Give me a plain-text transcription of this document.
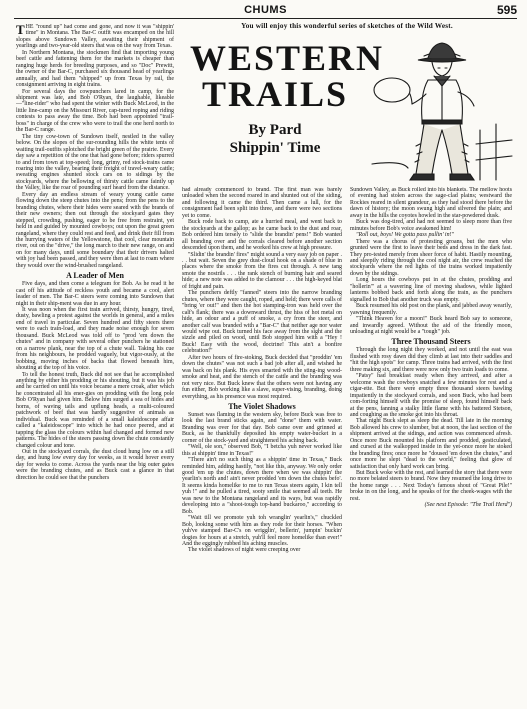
CHUMS	595

THE "round up" had come and gone, and now it was "shippin' time" in Montana. The Bar-C outfit was encamped on the hill slopes above Sundown Valley, awaiting their shipment of yearlings and two-year-old steers that was on the way from Texas.

In Northern Montana, the stockmen find that importing young beef cattle and fattening them for the markets is cheaper than ranging huge herds for breeding purposes, and so "Doc" Prewitt, the owner of the Bar-C, purchased six thousand head of yearlings annually, and had them "shipped" up from Texas by rail, the consignment arriving in eight trains.

For several days the cowpunchers lared in camp, for the shipment was late, and Bob O'Ryan, the laughable, likeable—"line-rider" who had spent the winter with Buck McLeod, in the little line-camp on the Missouri River, cap-tured roping and riding contests to pass away the time. Bob had been appointed "trail-boss" in charge of the crew who were to trail the one herd north to the Bar-C range.

The tiny cow-town of Sundown itself, nestled in the valley below. On the slopes of the sur-rounding hills the white tents of waiting trail-outfits splotched the bright green of the prairie. Every day saw a repetition of the one that had gone before; riders spurred to and from town at top-speed; long, grimy, red stock-trains came roaring into the valley, bearing their freight of travel-weary cattle; sweating engines shunted stock cars on to sidings by the stockyards, where the bellowing of thirsty cattle came faintly up the Valley, like the roar of pounding surf heard from the distance.

Every day an endless stream of weary young cattle came flowing down the steep chutes into the pens; from the pens to the branding chutes, where their hides were seared with the brands of their new owners; then out through the stockyard gates they stepped, crowding, pushing, eager to be free from restraint, yet held in and guided by mounted cowboys; out upon the great green rangeland, where they could rest and feed, and drink their fill from the hurrying waters of the Yellowstone, that cool, clear mountain river, out on the "drive," the long march to their new range, on and on for many days, until some boundary that their drivers halted with joy had been passed, and they were then at last to roam where they would over the wind-brushed rangeland.

A Leader of Men

Five days, and then come a telegram for Bob. As he read it he cast off his attitude of reckless youth and became a cool, alert leader of men. The Bar-C steers were coming into Sundown that night in their ship-ment was due in any hour.

It was noon when the first train arrived, thirsty, hungry, tired, dusty, bawling a protest against the worlds in general, and a miles end of travel in particular. Seven hundred and fifty steers there were to each train-load, and they made noise enough for seven thousand. Buck McLeod was told off to "prod 'em down the chutes" and in company with several other punchers he stationed on a narrow plank, near the top of a chute wall. Taking his cue from his neighbours, he prodded vaguely, but vigor-ously, at the bobbing, moving inches of backs that flowed beneath him, shouting at the top of his voice.

To tell the honest truth, Buck did not see that he accomplished anything by either his prodding or his shouting, but it was his job and he carried on until his voice became a mere croak, after which he concentrated all his ener-gies on prodding with the long pole Bob O'Ryan had given him. Below him surged a sea of hides and horns, of waving tails and upflung heads, a multi-coloured patchwork of beef that was hardly suggestive of animals as individual. Buck was reminded of a small kaleidoscope affair called a "kaleidoscope" into which he had once peered, and at tapping the glass the colours within had changed and formed new patterns. The hides of the steers passing down the chute constantly changed colour and tone.

Out in the stockyard corrals, the dust cloud hung low on a still day, and hung low every day for weeks, as it would hover every day for weeks to come. Across the yards near the big outer gates were the branding chutes, and as Buck cast a glance in that direction he could see that the punchers

You will enjoy this wonderful series of sketches of the Wild West.
WESTERN
TRAILS
By Pard
Shippin' Time

had already commenced to brand. The first man was barely unloaded when the second roared in and shunted out of the siding, and following it came the third. Then came a lull, for the consignment had been split into three, and there were two sections yet to come.

Buck rode back to camp, ate a hurried meal, and went back to the stockyards at the gallop; as he came back to the dust and roar, Bob ordered him tersely to "slide the brandin' pens!" Bob wanted all branding over and the corrals cleared before another section descended upon them, and he worked his crew at high pressure.

"Slidin' the brandin' fires" might sound a very easy job on paper . . . but wait. Seven the grey dust-cloud hook on a shade of blue in places where the smoke from the fires cut through. A new tang smote the nostrils . . . the rank stench of burning hair and seared hide; a new note was added to the clamour . . . the high-keyed blat of fright and pain.

The punchers deftly "fanned" steers into the narrow branding chutes, where they were caught, roped, and held; there were calls of "bring 'er out!" and then the hot stamping-iron was held over the calf's flank; there was a downward thrust, the hiss of hot metal on hide, an odour and a puff of smoke, a cry from the steer, and another calf was branded with a "Bar-C" that neither age nor water would wipe out. Buck turned his face away from the sight and the sizzle and piled on wood, until Bob stopped him with a "Hey ! Buck! Easy with the wood, doctrine! This ain't a bonfire celebration!"

After two hours of fire-stoking, Buck decided that "proddin' 'em down the chutes" was not such a bad job after all, and wished he was back on his plank. His eyes smarted with the sting-ing wood-smoke and heat, and the stench of the cattle and the branding was not very nice. But Buck knew that the others were not having any fun either, Bob working like a slave, super-vising, branding, doing everything, as his presence was most required.

The Violet Shadows

Sunset was flaming in the western sky, before Buck was free to look the last brand sticks again, and "done" them with water. Branding was over for that day. Bob came over and grinned at Buck, as he thankfully deposited his empty water-bucket in a corner of the stock-yard and straightened his aching back.

"Well, ole son," observed Bob, "I betcha yuh never worked like this at shippin' time in Texas!"

"There ain't no such thing as a shippin' time in Texas," Buck reminded him, adding hastily, "not like this, anyway. We only order good 'em up the chutes, down there when we was shippin' the yearlin's north and! ain't never prodded 'em down the chutes befo'. It seems kinda homelike to me to run Texas steers again, I kin tell yuh !" and he pulled a tired, sooty smile that seemed all teeth. He was new to the Montana rangeland and its ways, but was rapidly developing into a "shoot-tough top-hand buckaroo," according to Bob.

"Wait till we promote yuh toh wranglin' yearlin's," chuckled Bob, looking some with him as they rode for their horses. "When yuh've stamped Bar-C's on wrigglin', bellerin', jumpin' buckin' dogies for hours at a stretch, yuh'll feel more homelike than ever!" And the eggingly rubbed his aching muscles.

The violet shadows of night were creeping over

Sundown Valley, as Buck rolled into his blankets. The mellow hoots of evening had stolen across the sage-clad plains; westward the Rockies reared in silent grandeur, as they had stood there before the dawn of history; the moon swung high and silvered the plain; and away in the hills the coyotes howled in the star-powdered dusk.

Buck was dog-tired, and had not seemed to sleep more than five minutes before Bob's voice awakened him!

"Roll out, boys! We gotta pass pullin' in!"

There was a chorus of protesting groans, but the men who grunted were the first to leave their beds and dress in the dark fast. They pro-tested merely from sheer force of habit. Hastily mounting, and sleepily riding through the cool night air, the crew reached the stockyards where the red lights of the trains worked impatiently down by the sidings.

Long hours the cowboys put in at the chutes, prodding and "hollerin'" at a wavering line of moving shadows, while lighted lanterns bobbed back and forth along the train, as the punchers signalled to Bob that another truck was empty.

Buck resumed his old post on the plank, and jabbed away wearily, yawning frequently.

"Think Heaven for a moon!" Buck heard Bob say to someone, and inwardly agreed. Without the aid of the friendly moon, unloading at night would be a "tough" job.

Three Thousand Steers

Through the long night they worked, and not until the east was flushed with rosy dawn did they climb at last into their saddles and "hit the high spots" for camp. Three trains had arrived, with the first three making six, and there were now only two train loads to come.

"Patsy" had breakfast ready when they arrived, and after a welcome wash the cowboys snatched a few minutes for rest and a cigar-ette. But there were empty three thousand steers bawling impatiently in the stockyard corrals, and soon Buck, who had been com-forting himself with the promise of sleep, found himself back at the pens, fanning a stalky little flame with his battered Stetson, and coughing as the smoke got into his throat.

That night Buck slept as sleep the dead. Till late in the morning Bob allowed his crew to slumber, but at noon, the last section of the shipment arrived at the sidings, and action was commenced afresh. Once more Buck mounted his platform and prodded, gesticulated, and cursed at the walkopped inside in the yet-once more he stoked the branding fires; once more he "doused 'em down the chutes," and once more he slept "dead to the world," feeling that glow of satisfaction that only hard work can bring.

But Buck woke with the rest, and learned the story that there were no more belated steers to brand. Now they resumed the long drive to the home range . . . Next Today's famous shout of "Great Pile!" broke in on the long, and he speaks of for the cheek-wages with the rest.

(See next Episode: "The Trail Herd")
